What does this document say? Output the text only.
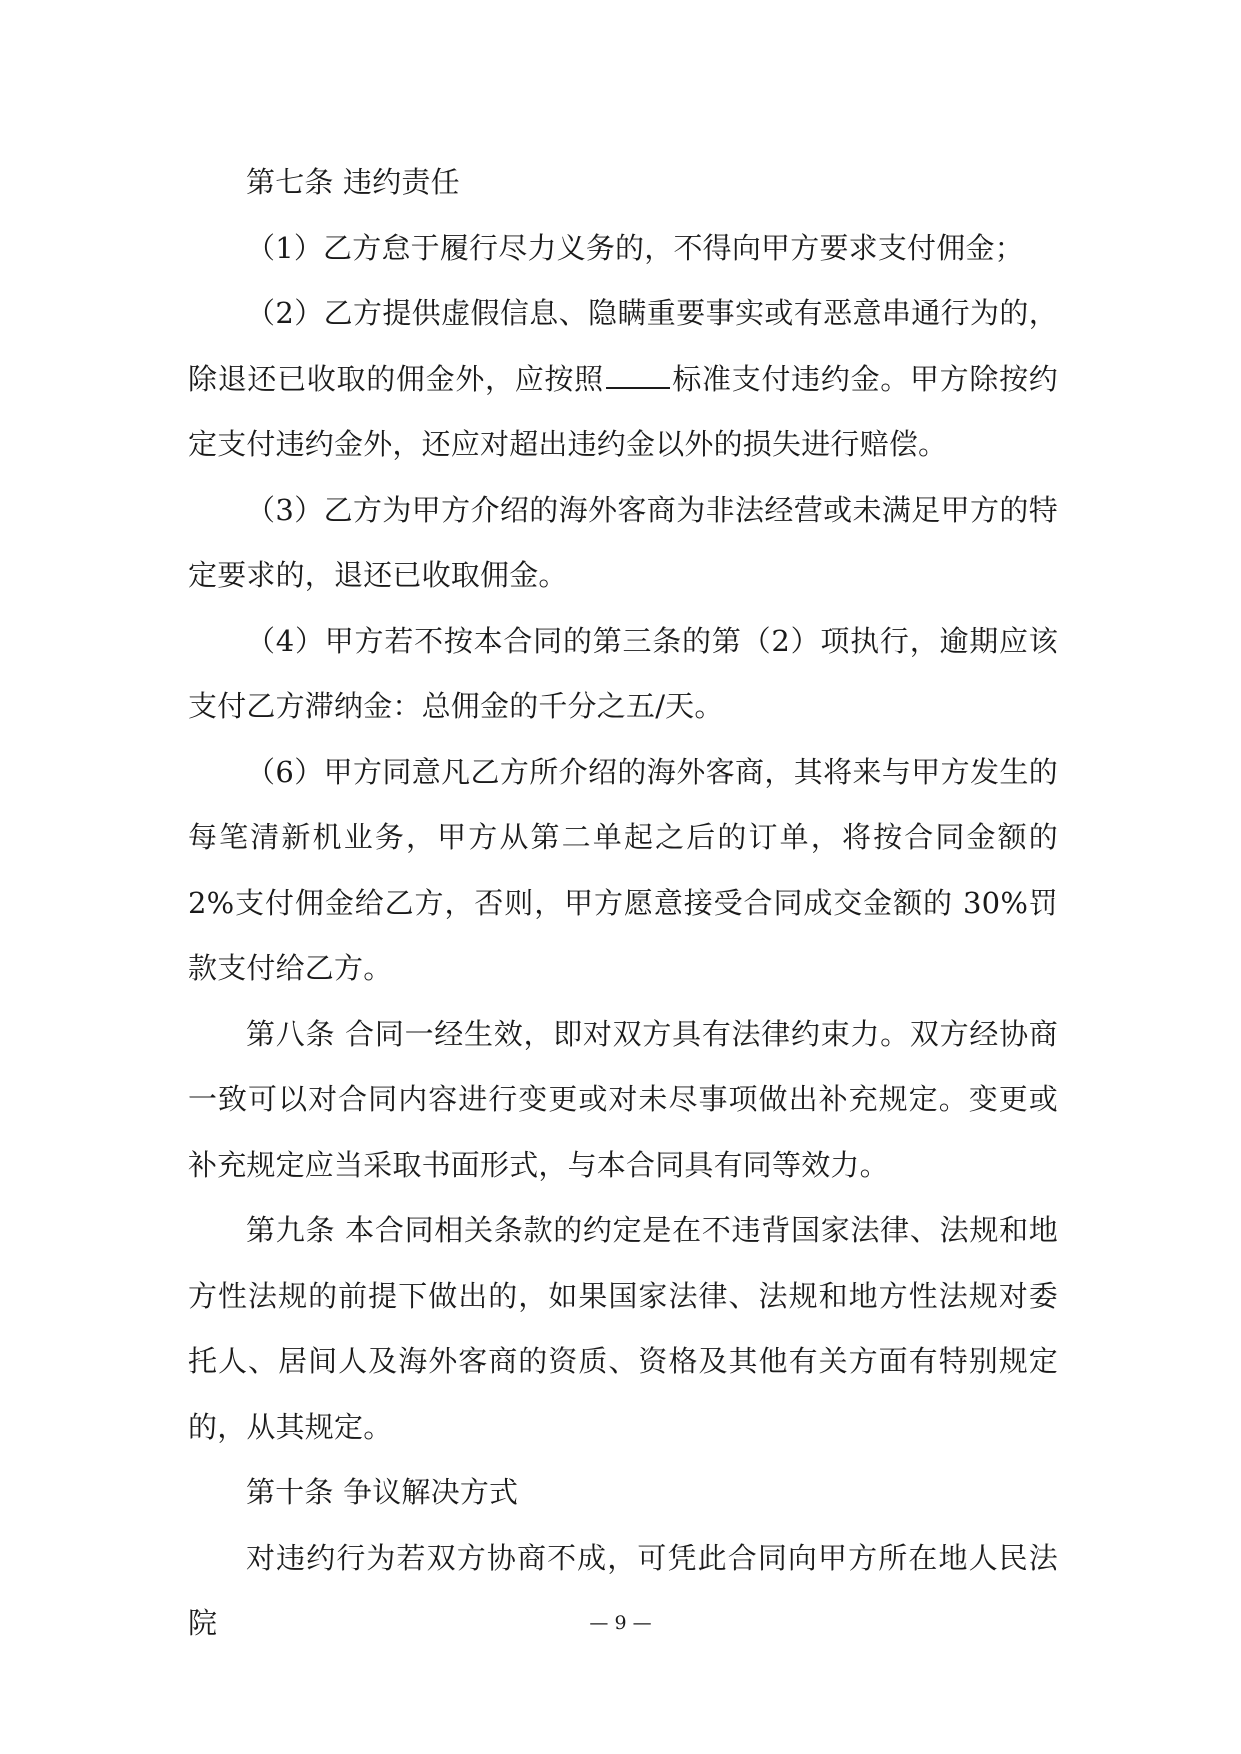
第七条 违约责任

（1）乙方怠于履行尽力义务的，不得向甲方要求支付佣金；

（2）乙方提供虚假信息、隐瞒重要事实或有恶意串通行为的，除退还已收取的佣金外，应按照 标准支付违约金。甲方除按约定支付违约金外，还应对超出违约金以外的损失进行赔偿。

（3）乙方为甲方介绍的海外客商为非法经营或未满足甲方的特定要求的，退还已收取佣金。

（4）甲方若不按本合同的第三条的第（2）项执行，逾期应该支付乙方滞纳金：总佣金的千分之五/天。

（6）甲方同意凡乙方所介绍的海外客商，其将来与甲方发生的每笔清新机业务，甲方从第二单起之后的订单，将按合同金额的 2%支付佣金给乙方，否则，甲方愿意接受合同成交金额的 30%罚款支付给乙方。

第八条 合同一经生效，即对双方具有法律约束力。双方经协商一致可以对合同内容进行变更或对未尽事项做出补充规定。变更或补充规定应当采取书面形式，与本合同具有同等效力。

第九条 本合同相关条款的约定是在不违背国家法律、法规和地方性法规的前提下做出的，如果国家法律、法规和地方性法规对委托人、居间人及海外客商的资质、资格及其他有关方面有特别规定的，从其规定。

第十条 争议解决方式

对违约行为若双方协商不成，可凭此合同向甲方所在地人民法院	— 9 —
